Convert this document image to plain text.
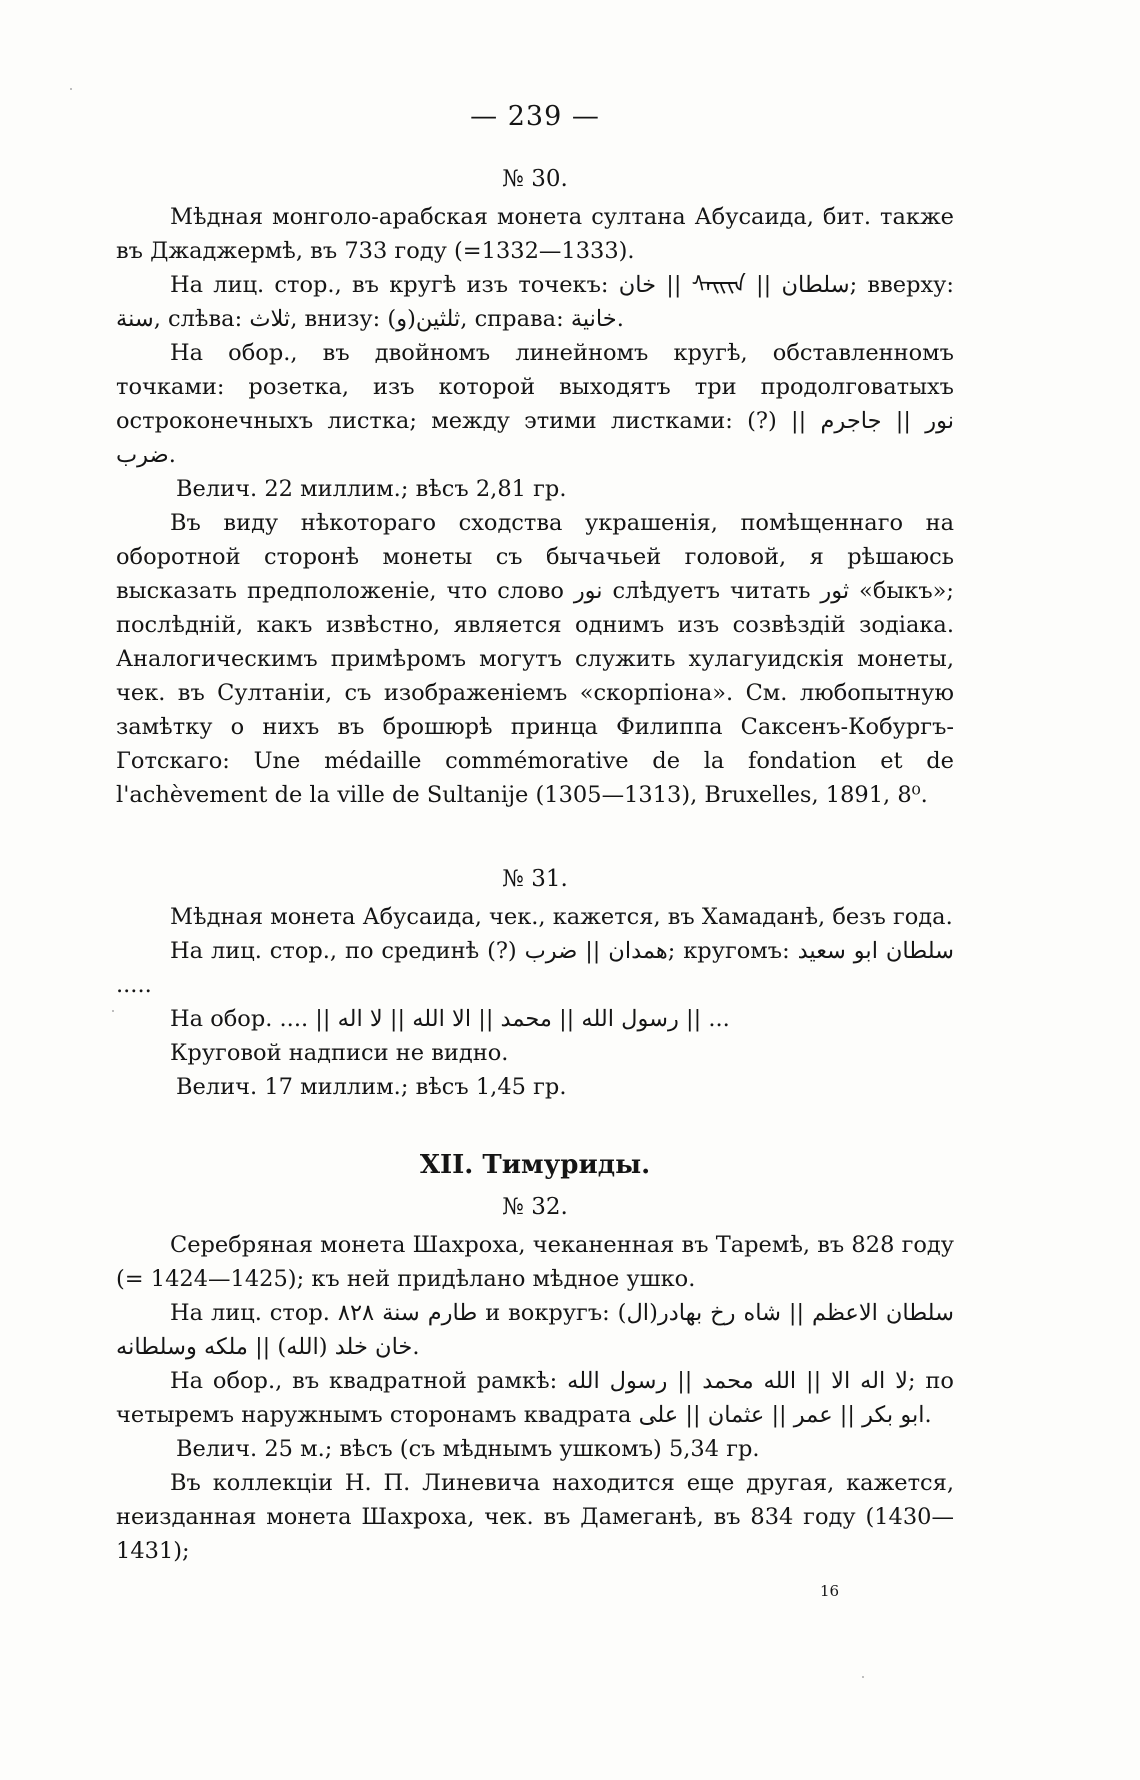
— 239 —
№ 30.

Мѣдная монголо-арабская монета султана Абусаида, бит. также въ Джаджермѣ, въ 733 году (=1332—1333).

На лиц. стор., въ кругѣ изъ точекъ: خان || ⁠ᠰᠠᠢᠢᠨ || سلطان; вверху: سنة, слѣва: ثلاث, внизу: (و)ثلثين, справа: خانية.

На обор., въ двойномъ линейномъ кругѣ, обставленномъ точками: розетка, изъ которой выходятъ три продолговатыхъ остроконечныхъ листка; между этими листками: (?) نور || جاجرم || ضرب.

Велич. 22 миллим.; вѣсъ 2,81 гр.

Въ виду нѣкотораго сходства украшенія, помѣщеннаго на оборотной сторонѣ монеты съ бычачьей головой, я рѣшаюсь высказать предположеніе, что слово نور слѣдуетъ читать ثور «быкъ»; послѣдній, какъ извѣстно, является однимъ изъ созвѣздій зодіака. Аналогическимъ примѣромъ могутъ служить хулагуидскія монеты, чек. въ Султаніи, съ изображеніемъ «скорпіона». См. любопытную замѣтку о нихъ въ брошюрѣ принца Филиппа Саксенъ-Кобургъ-Готскаго: Une médaille commémorative de la fondation et de l'achèvement de la ville de Sultanije (1305—1313), Bruxelles, 1891, 8⁰.

№ 31.

Мѣдная монета Абусаида, чек., кажется, въ Хамаданѣ, безъ года.

На лиц. стор., по срединѣ (?) همدان || ضرب; кругомъ: سلطان ابو سعيد .....

На обор. .... || رسول الله || محمد || الا الله || لا اله || ...

Круговой надписи не видно.

Велич. 17 миллим.; вѣсъ 1,45 гр.

XII. Тимуриды.
№ 32.

Серебряная монета Шахроха, чеканенная въ Таремѣ, въ 828 году (= 1424—1425); къ ней придѣлано мѣдное ушко.

На лиц. стор. طارم سنة ٨٢٨ и вокругъ: (ال)سلطان الاعظم || شاه رخ بهادر خان خلد (الله) || ملكه وسلطانه.

На обор., въ квадратной рамкѣ: لا اله الا || الله محمد || رسول الله; по четыремъ наружнымъ сторонамъ квадрата ابو بكر || عمر || عثمان || على.

Велич. 25 м.; вѣсъ (съ мѣднымъ ушкомъ) 5,34 гр.

Въ коллекціи Н. П. Линевича находится еще другая, кажется, неизданная монета Шахроха, чек. въ Дамеганѣ, въ 834 году (1430—1431);

16
